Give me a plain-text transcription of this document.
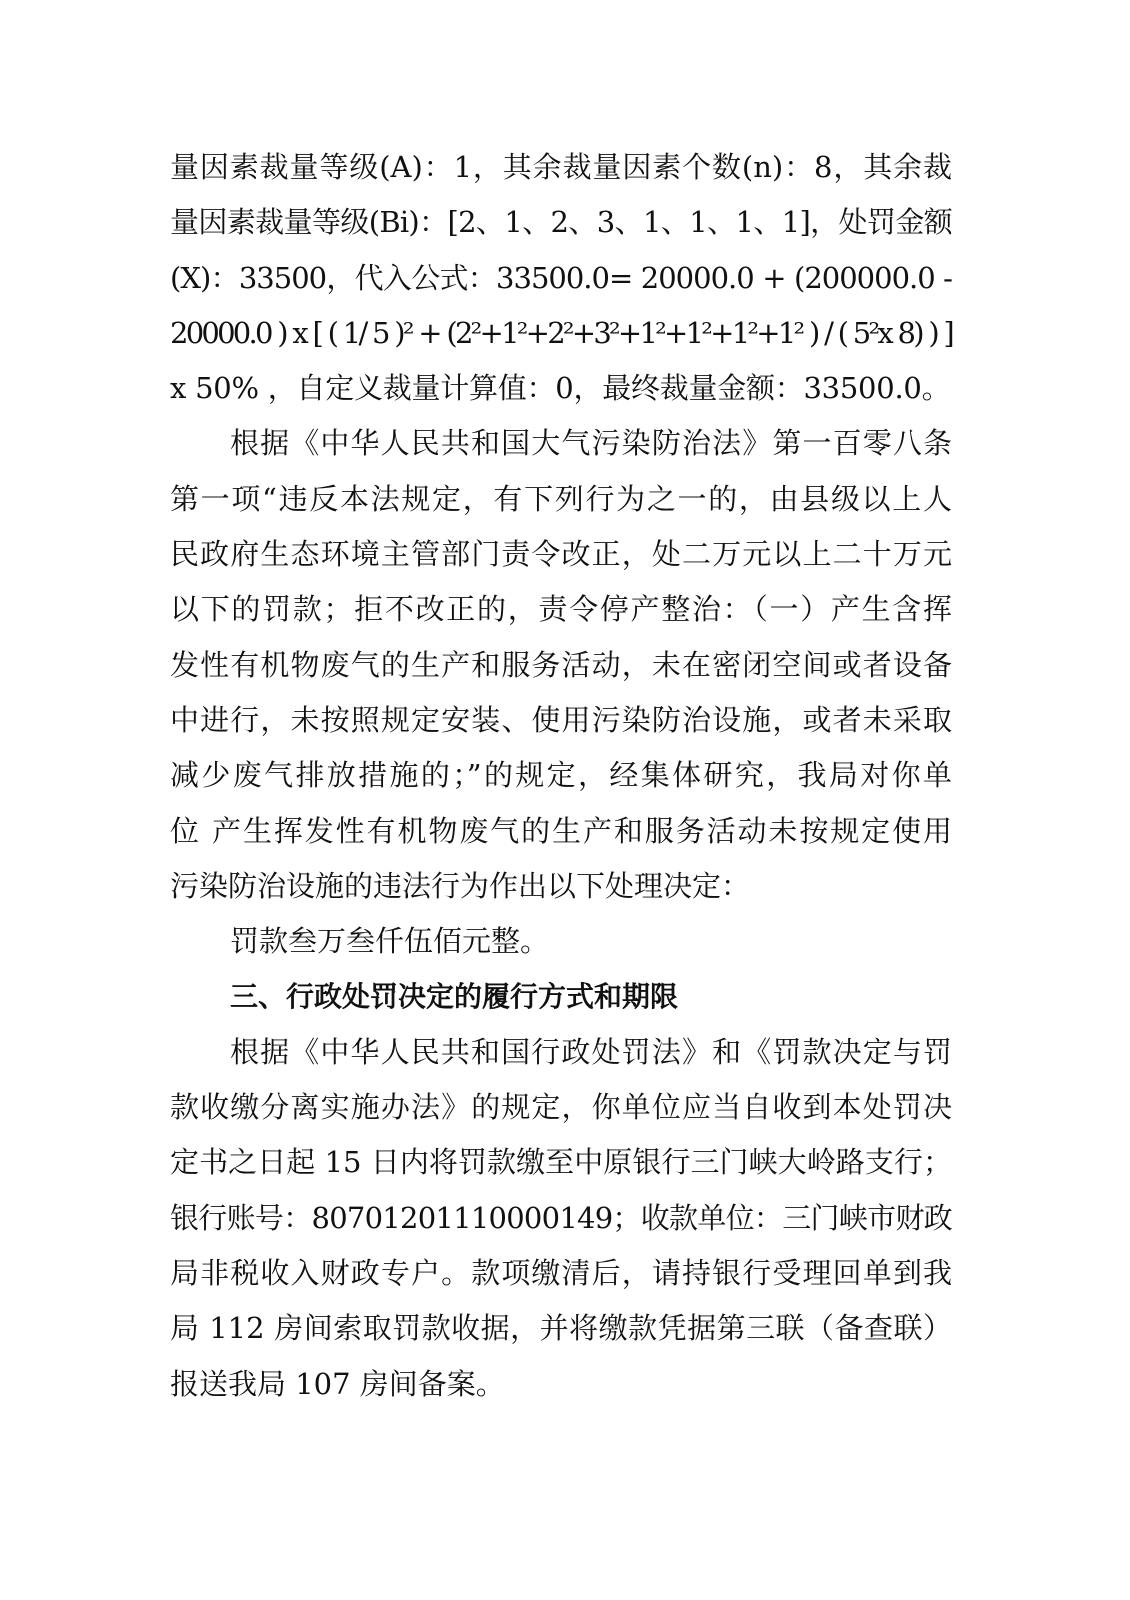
量因素裁量等级(A)：1，其余裁量因素个数(n)：8，其余裁
量因素裁量等级(Bi)：[2、1、2、3、1、1、1、1]，处罚金额
(X)：33500，代入公式：33500.0= 20000.0 + (200000.0 -
20000.0 ) x [ ( 1/ 5 )² + (2²+1²+2²+3²+1²+1²+1²+1² ) / ( 5²x 8) ) ]
x 50% ，自定义裁量计算值：0，最终裁量金额：33500.0。
根据《中华人民共和国大气污染防治法》第一百零八条
第一项“违反本法规定，有下列行为之一的，由县级以上人
民政府生态环境主管部门责令改正，处二万元以上二十万元
以下的罚款；拒不改正的，责令停产整治：（一）产生含挥
发性有机物废气的生产和服务活动，未在密闭空间或者设备
中进行，未按照规定安装、使用污染防治设施，或者未采取
减少废气排放措施的；”的规定，经集体研究，我局对你单
位 产生挥发性有机物废气的生产和服务活动未按规定使用
污染防治设施的违法行为作出以下处理决定：
罚款叁万叁仟伍佰元整。
三、行政处罚决定的履行方式和期限
根据《中华人民共和国行政处罚法》和《罚款决定与罚
款收缴分离实施办法》的规定，你单位应当自收到本处罚决
定书之日起 15 日内将罚款缴至中原银行三门峡大岭路支行；
银行账号：80701201110000149；收款单位：三门峡市财政
局非税收入财政专户。款项缴清后，请持银行受理回单到我
局 112 房间索取罚款收据，并将缴款凭据第三联（备查联）
报送我局 107 房间备案。
